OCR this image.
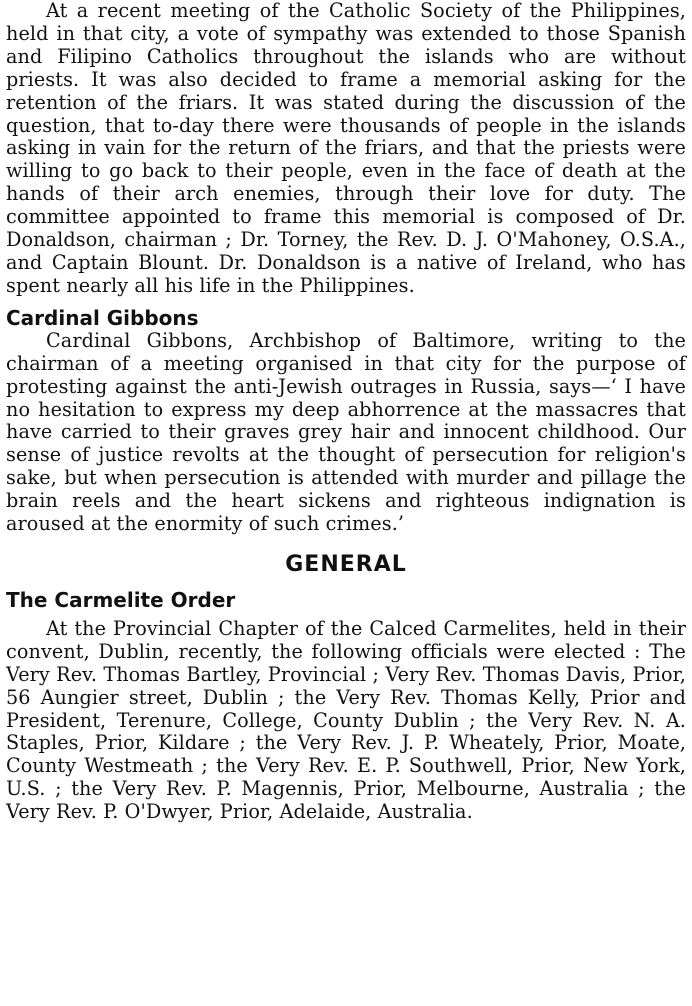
At a recent meeting of the Catholic Society of the Philippines, held in that city, a vote of sympathy was extended to those Spanish and Filipino Catholics throughout the islands who are without priests. It was also decided to frame a memorial asking for the retention of the friars. It was stated during the discussion of the question, that to-day there were thousands of people in the islands asking in vain for the return of the friars, and that the priests were willing to go back to their people, even in the face of death at the hands of their arch enemies, through their love for duty. The committee appointed to frame this memorial is composed of Dr. Donaldson, chairman ; Dr. Torney, the Rev. D. J. O'Mahoney, O.S.A., and Captain Blount. Dr. Donaldson is a native of Ireland, who has spent nearly all his life in the Philippines.

Cardinal Gibbons

Cardinal Gibbons, Archbishop of Baltimore, writing to the chairman of a meeting organised in that city for the purpose of protesting against the anti-Jewish outrages in Russia, says—‘ I have no hesitation to express my deep abhorrence at the massacres that have carried to their graves grey hair and innocent childhood. Our sense of justice revolts at the thought of persecution for religion's sake, but when persecution is attended with murder and pillage the brain reels and the heart sickens and righteous indignation is aroused at the enormity of such crimes.’

GENERAL
The Carmelite Order

At the Provincial Chapter of the Calced Carmelites, held in their convent, Dublin, recently, the following officials were elected : The Very Rev. Thomas Bartley, Provincial ; Very Rev. Thomas Davis, Prior, 56 Aungier street, Dublin ; the Very Rev. Thomas Kelly, Prior and President, Terenure, College, County Dublin ; the Very Rev. N. A. Staples, Prior, Kildare ; the Very Rev. J. P. Wheately, Prior, Moate, County Westmeath ; the Very Rev. E. P. Southwell, Prior, New York, U.S. ; the Very Rev. P. Magennis, Prior, Melbourne, Australia ; the Very Rev. P. O'Dwyer, Prior, Adelaide, Australia.
